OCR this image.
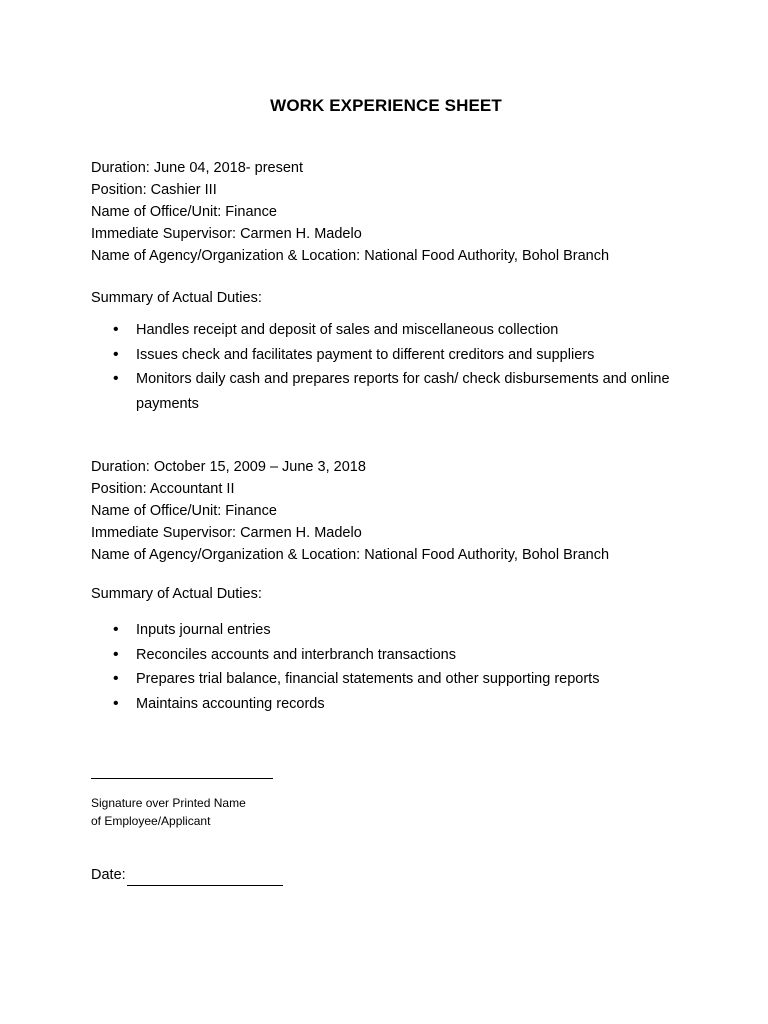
WORK EXPERIENCE SHEET
Duration: June 04, 2018- present
Position: Cashier III
Name of Office/Unit: Finance
Immediate Supervisor: Carmen H. Madelo
Name of Agency/Organization & Location: National Food Authority, Bohol Branch
Summary of Actual Duties:
• Handles receipt and deposit of sales and miscellaneous collection
• Issues check and facilitates payment to different creditors and suppliers
• Monitors daily cash and prepares reports for cash/ check disbursements and online payments
Duration: October 15, 2009 – June 3, 2018
Position: Accountant II
Name of Office/Unit: Finance
Immediate Supervisor: Carmen H. Madelo
Name of Agency/Organization & Location: National Food Authority, Bohol Branch
Summary of Actual Duties:
• Inputs journal entries
• Reconciles accounts and interbranch transactions
• Prepares trial balance, financial statements and other supporting reports
• Maintains accounting records
Signature over Printed Name
of Employee/Applicant
Date:
